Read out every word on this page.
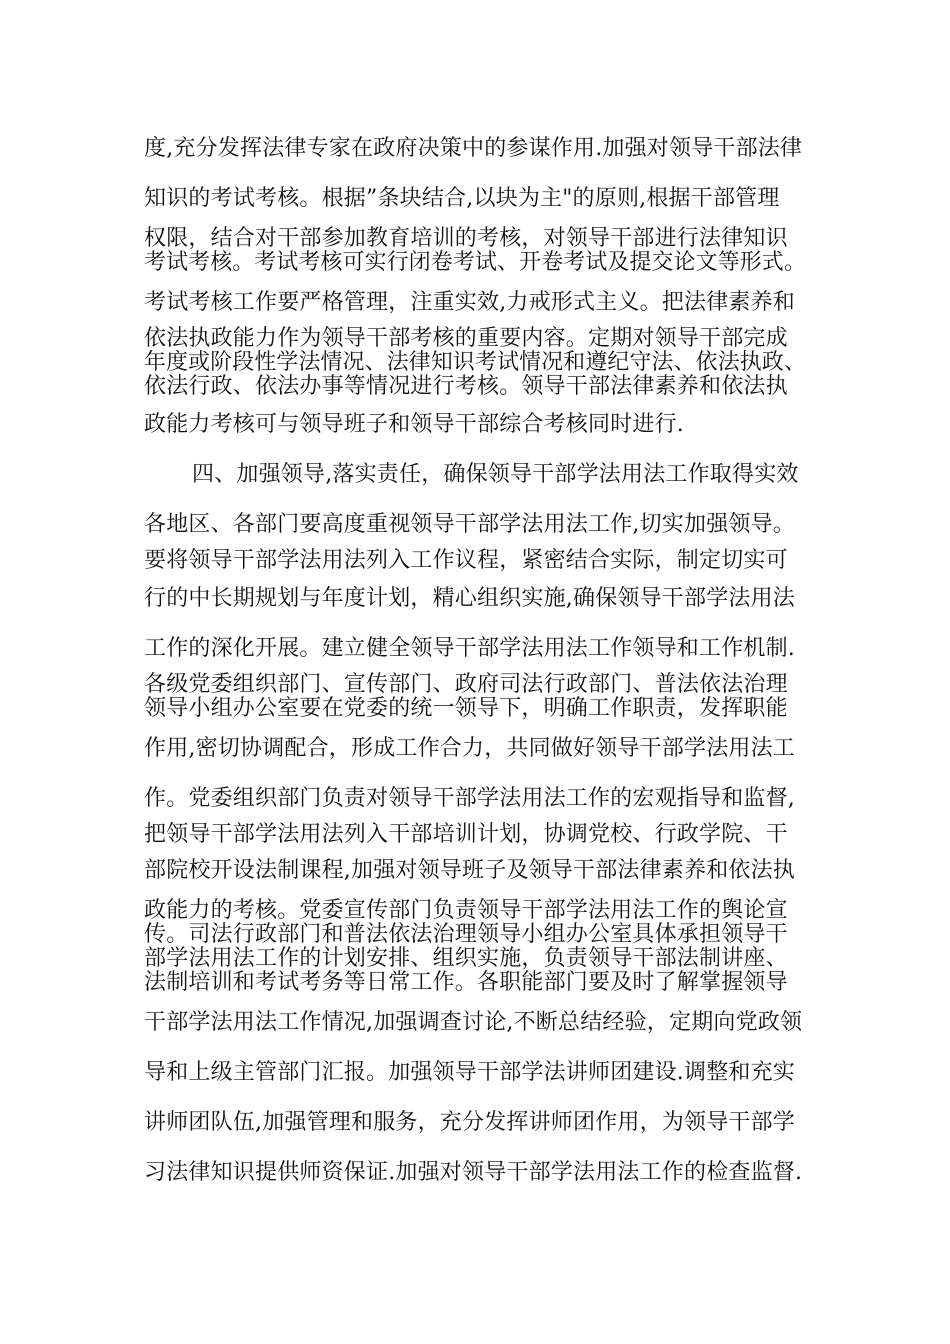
度,充分发挥法律专家在政府决策中的参谋作用.加强对领导干部法律
知识的考试考核。根据”条块结合,以块为主"的原则,根据干部管理
权限，结合对干部参加教育培训的考核，对领导干部进行法律知识
考试考核。考试考核可实行闭卷考试、开卷考试及提交论文等形式。
考试考核工作要严格管理，注重实效,力戒形式主义。把法律素养和
依法执政能力作为领导干部考核的重要内容。定期对领导干部完成
年度或阶段性学法情况、法律知识考试情况和遵纪守法、依法执政、
依法行政、依法办事等情况进行考核。领导干部法律素养和依法执
政能力考核可与领导班子和领导干部综合考核同时进行.
四、加强领导,落实责任，确保领导干部学法用法工作取得实效
各地区、各部门要高度重视领导干部学法用法工作,切实加强领导。
要将领导干部学法用法列入工作议程，紧密结合实际，制定切实可
行的中长期规划与年度计划，精心组织实施,确保领导干部学法用法
工作的深化开展。建立健全领导干部学法用法工作领导和工作机制.
各级党委组织部门、宣传部门、政府司法行政部门、普法依法治理
领导小组办公室要在党委的统一领导下，明确工作职责，发挥职能
作用,密切协调配合，形成工作合力，共同做好领导干部学法用法工
作。党委组织部门负责对领导干部学法用法工作的宏观指导和监督,
把领导干部学法用法列入干部培训计划，协调党校、行政学院、干
部院校开设法制课程,加强对领导班子及领导干部法律素养和依法执
政能力的考核。党委宣传部门负责领导干部学法用法工作的舆论宣
传。司法行政部门和普法依法治理领导小组办公室具体承担领导干
部学法用法工作的计划安排、组织实施，负责领导干部法制讲座、
法制培训和考试考务等日常工作。各职能部门要及时了解掌握领导
干部学法用法工作情况,加强调查讨论,不断总结经验，定期向党政领
导和上级主管部门汇报。加强领导干部学法讲师团建设.调整和充实
讲师团队伍,加强管理和服务，充分发挥讲师团作用，为领导干部学
习法律知识提供师资保证.加强对领导干部学法用法工作的检查监督.
